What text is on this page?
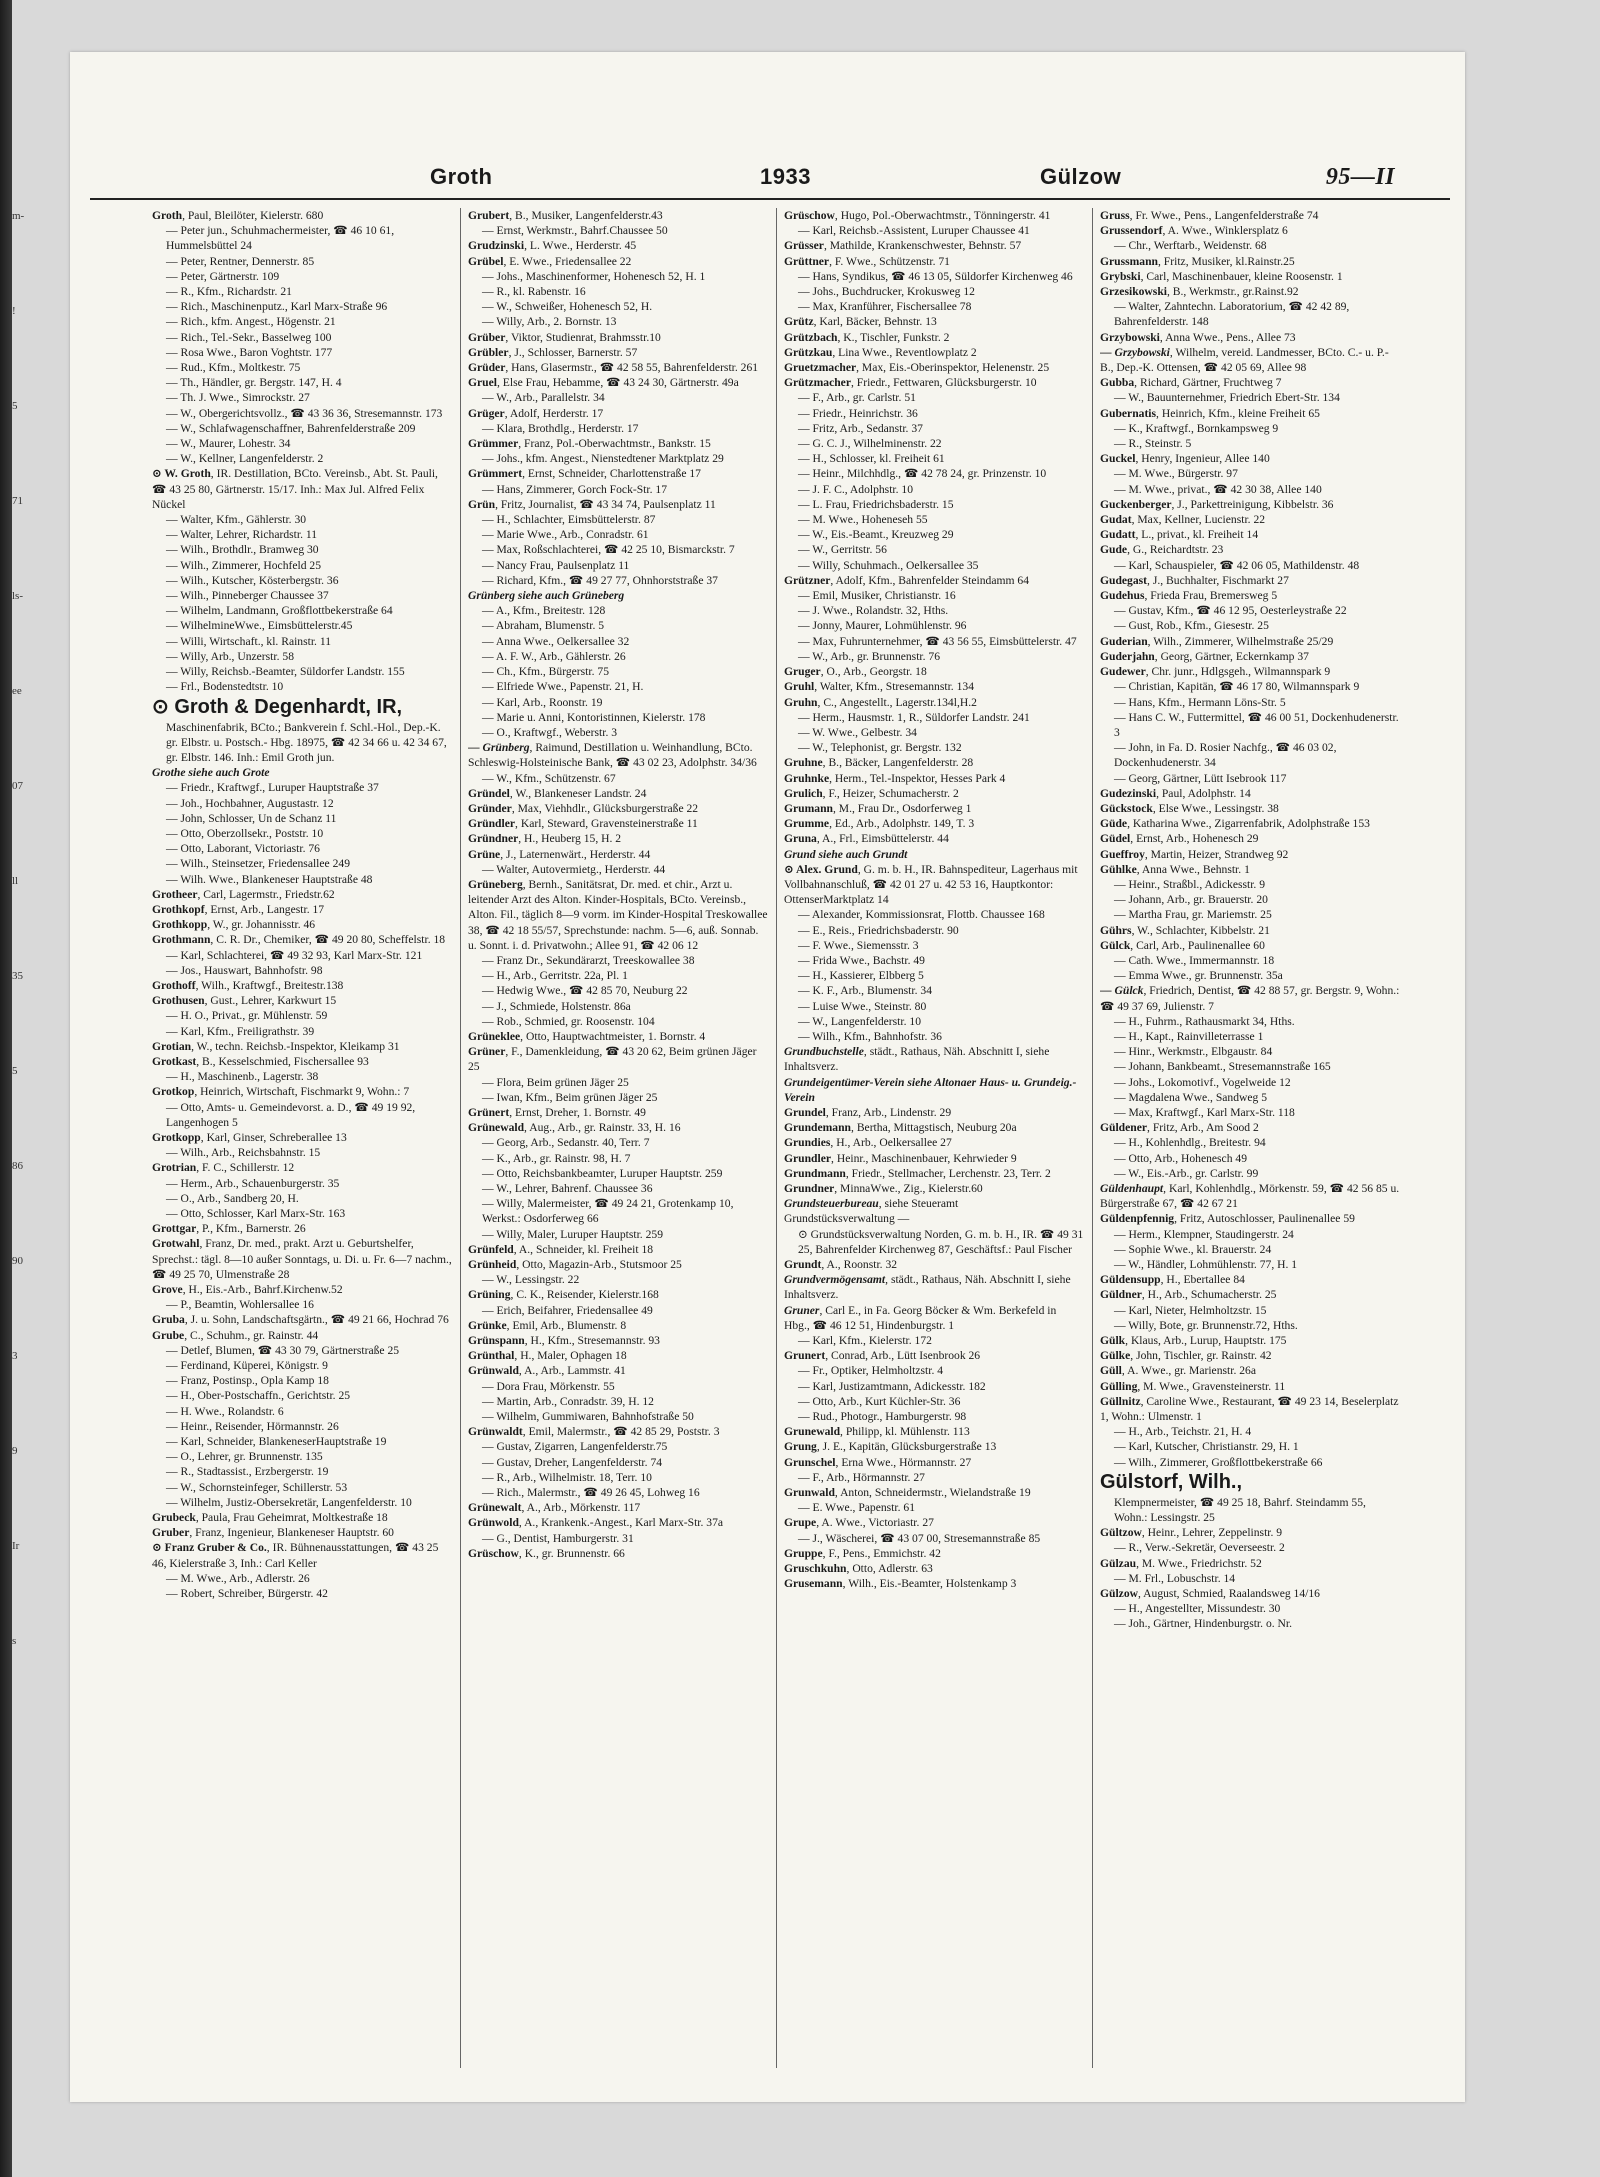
m-
!
5
71
ls-
ee
07
ll
35
5
86
90
3
9
Ir
s
Groth	1933	Gülzow	95—II
Groth, Paul, Bleilöter, Kielerstr. 680
— Peter jun., Schuhmachermeister, ☎ 46 10 61, Hummelsbüttel 24
— Peter, Rentner, Dennerstr. 85
— Peter, Gärtnerstr. 109
— R., Kfm., Richardstr. 21
— Rich., Maschinenputz., Karl Marx-Straße 96
— Rich., kfm. Angest., Högenstr. 21
— Rich., Tel.-Sekr., Basselweg 100
— Rosa Wwe., Baron Voghtstr. 177
— Rud., Kfm., Moltkestr. 75
— Th., Händler, gr. Bergstr. 147, H. 4
— Th. J. Wwe., Simrockstr. 27
— W., Obergerichtsvollz., ☎ 43 36 36, Stresemannstr. 173
— W., Schlafwagenschaffner, Bahrenfelderstraße 209
— W., Maurer, Lohestr. 34
— W., Kellner, Langenfelderstr. 2
⊙ W. Groth, IR. Destillation, BCto. Vereinsb., Abt. St. Pauli, ☎ 43 25 80, Gärtnerstr. 15/17. Inh.: Max Jul. Alfred Felix Nückel
— Walter, Kfm., Gählerstr. 30
— Walter, Lehrer, Richardstr. 11
— Wilh., Brothdlr., Bramweg 30
— Wilh., Zimmerer, Hochfeld 25
— Wilh., Kutscher, Kösterbergstr. 36
— Wilh., Pinneberger Chaussee 37
— Wilhelm, Landmann, Großflottbekerstraße 64
— WilhelmineWwe., Eimsbüttelerstr.45
— Willi, Wirtschaft., kl. Rainstr. 11
— Willy, Arb., Unzerstr. 58
— Willy, Reichsb.-Beamter, Süldorfer Landstr. 155
— Frl., Bodenstedtstr. 10
⊙ Groth & Degenhardt, IR,
Maschinenfabrik, BCto.; Bankverein f. Schl.-Hol., Dep.-K. gr. Elbstr. u. Postsch.- Hbg. 18975, ☎ 42 34 66 u. 42 34 67, gr. Elbstr. 146. Inh.: Emil Groth jun.
Grothe siehe auch Grote
— Friedr., Kraftwgf., Luruper Hauptstraße 37
— Joh., Hochbahner, Augustastr. 12
— John, Schlosser, Un de Schanz 11
— Otto, Oberzollsekr., Poststr. 10
— Otto, Laborant, Victoriastr. 76
— Wilh., Steinsetzer, Friedensallee 249
— Wilh. Wwe., Blankeneser Hauptstraße 48
Grotheer, Carl, Lagermstr., Friedstr.62
Grothkopf, Ernst, Arb., Langestr. 17
Grothkopp, W., gr. Johannisstr. 46
Grothmann, C. R. Dr., Chemiker, ☎ 49 20 80, Scheffelstr. 18
— Karl, Schlachterei, ☎ 49 32 93, Karl Marx-Str. 121
— Jos., Hauswart, Bahnhofstr. 98
Grothoff, Wilh., Kraftwgf., Breitestr.138
Grothusen, Gust., Lehrer, Karkwurt 15
— H. O., Privat., gr. Mühlenstr. 59
— Karl, Kfm., Freiligrathstr. 39
Grotian, W., techn. Reichsb.-Inspektor, Kleikamp 31
Grotkast, B., Kesselschmied, Fischersallee 93
— H., Maschinenb., Lagerstr. 38
Grotkop, Heinrich, Wirtschaft, Fischmarkt 9, Wohn.: 7
— Otto, Amts- u. Gemeindevorst. a. D., ☎ 49 19 92, Langenhogen 5
Grotkopp, Karl, Ginser, Schreberallee 13
— Wilh., Arb., Reichsbahnstr. 15
Grotrian, F. C., Schillerstr. 12
— Herm., Arb., Schauenburgerstr. 35
— O., Arb., Sandberg 20, H.
— Otto, Schlosser, Karl Marx-Str. 163
Grottgar, P., Kfm., Barnerstr. 26
Grotwahl, Franz, Dr. med., prakt. Arzt u. Geburtshelfer, Sprechst.: tägl. 8—10 außer Sonntags, u. Di. u. Fr. 6—7 nachm., ☎ 49 25 70, Ulmenstraße 28
Grove, H., Eis.-Arb., Bahrf.Kirchenw.52
— P., Beamtin, Wohlersallee 16
Gruba, J. u. Sohn, Landschaftsgärtn., ☎ 49 21 66, Hochrad 76
Grube, C., Schuhm., gr. Rainstr. 44
— Detlef, Blumen, ☎ 43 30 79, Gärtnerstraße 25
— Ferdinand, Küperei, Königstr. 9
— Franz, Postinsp., Opla Kamp 18
— H., Ober-Postschaffn., Gerichtstr. 25
— H. Wwe., Rolandstr. 6
— Heinr., Reisender, Hörmannstr. 26
— Karl, Schneider, BlankeneserHauptstraße 19
— O., Lehrer, gr. Brunnenstr. 135
— R., Stadtassist., Erzbergerstr. 19
— W., Schornsteinfeger, Schillerstr. 53
— Wilhelm, Justiz-Obersekretär, Langenfelderstr. 10
Grubeck, Paula, Frau Geheimrat, Moltkestraße 18
Gruber, Franz, Ingenieur, Blankeneser Hauptstr. 60
⊙ Franz Gruber & Co., IR. Bühnenausstattungen, ☎ 43 25 46, Kielerstraße 3, Inh.: Carl Keller
— M. Wwe., Arb., Adlerstr. 26
— Robert, Schreiber, Bürgerstr. 42
Grubert, B., Musiker, Langenfelderstr.43
— Ernst, Werkmstr., Bahrf.Chaussee 50
Grudzinski, L. Wwe., Herderstr. 45
Grübel, E. Wwe., Friedensallee 22
— Johs., Maschinenformer, Hohenesch 52, H. 1
— R., kl. Rabenstr. 16
— W., Schweißer, Hohenesch 52, H.
— Willy, Arb., 2. Bornstr. 13
Grüber, Viktor, Studienrat, Brahmsstr.10
Grübler, J., Schlosser, Barnerstr. 57
Grüder, Hans, Glasermstr., ☎ 42 58 55, Bahrenfelderstr. 261
Gruel, Else Frau, Hebamme, ☎ 43 24 30, Gärtnerstr. 49a
— W., Arb., Parallelstr. 34
Grüger, Adolf, Herderstr. 17
— Klara, Brothdlg., Herderstr. 17
Grümmer, Franz, Pol.-Oberwachtmstr., Bankstr. 15
— Johs., kfm. Angest., Nienstedtener Marktplatz 29
Grümmert, Ernst, Schneider, Charlottenstraße 17
— Hans, Zimmerer, Gorch Fock-Str. 17
Grün, Fritz, Journalist, ☎ 43 34 74, Paulsenplatz 11
— H., Schlachter, Eimsbüttelerstr. 87
— Marie Wwe., Arb., Conradstr. 61
— Max, Roßschlachterei, ☎ 42 25 10, Bismarckstr. 7
— Nancy Frau, Paulsenplatz 11
— Richard, Kfm., ☎ 49 27 77, Ohnhorststraße 37
Grünberg siehe auch Grüneberg
— A., Kfm., Breitestr. 128
— Abraham, Blumenstr. 5
— Anna Wwe., Oelkersallee 32
— A. F. W., Arb., Gählerstr. 26
— Ch., Kfm., Bürgerstr. 75
— Elfriede Wwe., Papenstr. 21, H.
— Karl, Arb., Roonstr. 19
— Marie u. Anni, Kontoristinnen, Kielerstr. 178
— O., Kraftwgf., Weberstr. 3
— Grünberg, Raimund, Destillation u. Weinhandlung, BCto. Schleswig-Holsteinische Bank, ☎ 43 02 23, Adolphstr. 34/36
— W., Kfm., Schützenstr. 67
Gründel, W., Blankeneser Landstr. 24
Gründer, Max, Viehhdlr., Glücksburgerstraße 22
Gründler, Karl, Steward, Gravensteinerstraße 11
Gründner, H., Heuberg 15, H. 2
Grüne, J., Laternenwärt., Herderstr. 44
— Walter, Autovermietg., Herderstr. 44
Grüneberg, Bernh., Sanitätsrat, Dr. med. et chir., Arzt u. leitender Arzt des Alton. Kinder-Hospitals, BCto. Vereinsb., Alton. Fil., täglich 8—9 vorm. im Kinder-Hospital Treskowallee 38, ☎ 42 18 55/57, Sprechstunde: nachm. 5—6, auß. Sonnab. u. Sonnt. i. d. Privatwohn.; Allee 91, ☎ 42 06 12
— Franz Dr., Sekundärarzt, Treeskowallee 38
— H., Arb., Gerritstr. 22a, Pl. 1
— Hedwig Wwe., ☎ 42 85 70, Neuburg 22
— J., Schmiede, Holstenstr. 86a
— Rob., Schmied, gr. Roosenstr. 104
Grüneklee, Otto, Hauptwachtmeister, 1. Bornstr. 4
Grüner, F., Damenkleidung, ☎ 43 20 62, Beim grünen Jäger 25
— Flora, Beim grünen Jäger 25
— Iwan, Kfm., Beim grünen Jäger 25
Grünert, Ernst, Dreher, 1. Bornstr. 49
Grünewald, Aug., Arb., gr. Rainstr. 33, H. 16
— Georg, Arb., Sedanstr. 40, Terr. 7
— K., Arb., gr. Rainstr. 98, H. 7
— Otto, Reichsbankbeamter, Luruper Hauptstr. 259
— W., Lehrer, Bahrenf. Chaussee 36
— Willy, Malermeister, ☎ 49 24 21, Grotenkamp 10, Werkst.: Osdorferweg 66
— Willy, Maler, Luruper Hauptstr. 259
Grünfeld, A., Schneider, kl. Freiheit 18
Grünheid, Otto, Magazin-Arb., Stutsmoor 25
— W., Lessingstr. 22
Grüning, C. K., Reisender, Kielerstr.168
— Erich, Beifahrer, Friedensallee 49
Grünke, Emil, Arb., Blumenstr. 8
Grünspann, H., Kfm., Stresemannstr. 93
Grünthal, H., Maler, Ophagen 18
Grünwald, A., Arb., Lammstr. 41
— Dora Frau, Mörkenstr. 55
— Martin, Arb., Conradstr. 39, H. 12
— Wilhelm, Gummiwaren, Bahnhofstraße 50
Grünwaldt, Emil, Malermstr., ☎ 42 85 29, Poststr. 3
— Gustav, Zigarren, Langenfelderstr.75
— Gustav, Dreher, Langenfelderstr. 74
— R., Arb., Wilhelmistr. 18, Terr. 10
— Rich., Malermstr., ☎ 49 26 45, Lohweg 16
Grünewalt, A., Arb., Mörkenstr. 117
Grünwold, A., Krankenk.-Angest., Karl Marx-Str. 37a
— G., Dentist, Hamburgerstr. 31
Grüschow, K., gr. Brunnenstr. 66
Grüschow, Hugo, Pol.-Oberwachtmstr., Tönningerstr. 41
— Karl, Reichsb.-Assistent, Luruper Chaussee 41
Grüsser, Mathilde, Krankenschwester, Behnstr. 57
Grüttner, F. Wwe., Schützenstr. 71
— Hans, Syndikus, ☎ 46 13 05, Süldorfer Kirchenweg 46
— Johs., Buchdrucker, Krokusweg 12
— Max, Kranführer, Fischersallee 78
Grütz, Karl, Bäcker, Behnstr. 13
Grützbach, K., Tischler, Funkstr. 2
Grützkau, Lina Wwe., Reventlowplatz 2
Gruetzmacher, Max, Eis.-Oberinspektor, Helenenstr. 25
Grützmacher, Friedr., Fettwaren, Glücksburgerstr. 10
— F., Arb., gr. Carlstr. 51
— Friedr., Heinrichstr. 36
— Fritz, Arb., Sedanstr. 37
— G. C. J., Wilhelminenstr. 22
— H., Schlosser, kl. Freiheit 61
— Heinr., Milchhdlg., ☎ 42 78 24, gr. Prinzenstr. 10
— J. F. C., Adolphstr. 10
— L. Frau, Friedrichsbaderstr. 15
— M. Wwe., Hoheneseh 55
— W., Eis.-Beamt., Kreuzweg 29
— W., Gerritstr. 56
— Willy, Schuhmach., Oelkersallee 35
Grützner, Adolf, Kfm., Bahrenfelder Steindamm 64
— Emil, Musiker, Christianstr. 16
— J. Wwe., Rolandstr. 32, Hths.
— Jonny, Maurer, Lohmühlenstr. 96
— Max, Fuhrunternehmer, ☎ 43 56 55, Eimsbüttelerstr. 47
— W., Arb., gr. Brunnenstr. 76
Gruger, O., Arb., Georgstr. 18
Gruhl, Walter, Kfm., Stresemannstr. 134
Gruhn, C., Angestellt., Lagerstr.134l,H.2
— Herm., Hausmstr. 1, R., Süldorfer Landstr. 241
— W. Wwe., Gelbestr. 34
— W., Telephonist, gr. Bergstr. 132
Gruhne, B., Bäcker, Langenfelderstr. 28
Gruhnke, Herm., Tel.-Inspektor, Hesses Park 4
Grulich, F., Heizer, Schumacherstr. 2
Grumann, M., Frau Dr., Osdorferweg 1
Grumme, Ed., Arb., Adolphstr. 149, T. 3
Gruna, A., Frl., Eimsbüttelerstr. 44
Grund siehe auch Grundt
⊙ Alex. Grund, G. m. b. H., IR. Bahnspediteur, Lagerhaus mit Vollbahnanschluß, ☎ 42 01 27 u. 42 53 16, Hauptkontor: OttenserMarktplatz 14
— Alexander, Kommissionsrat, Flottb. Chaussee 168
— E., Reis., Friedrichsbaderstr. 90
— F. Wwe., Siemensstr. 3
— Frida Wwe., Bachstr. 49
— H., Kassierer, Elbberg 5
— K. F., Arb., Blumenstr. 34
— Luise Wwe., Steinstr. 80
— W., Langenfelderstr. 10
— Wilh., Kfm., Bahnhofstr. 36
Grundbuchstelle, städt., Rathaus, Näh. Abschnitt I, siehe Inhaltsverz.
Grundeigentümer-Verein siehe Altonaer Haus- u. Grundeig.-Verein
Grundel, Franz, Arb., Lindenstr. 29
Grundemann, Bertha, Mittagstisch, Neuburg 20a
Grundies, H., Arb., Oelkersallee 27
Grundler, Heinr., Maschinenbauer, Kehrwieder 9
Grundmann, Friedr., Stellmacher, Lerchenstr. 23, Terr. 2
Grundner, MinnaWwe., Zig., Kielerstr.60
Grundsteuerbureau, siehe Steueramt
Grundstücksverwaltung —
⊙ Grundstücksverwaltung Norden, G. m. b. H., IR. ☎ 49 31 25, Bahrenfelder Kirchenweg 87, Geschäftsf.: Paul Fischer
Grundt, A., Roonstr. 32
Grundvermögensamt, städt., Rathaus, Näh. Abschnitt I, siehe Inhaltsverz.
Gruner, Carl E., in Fa. Georg Böcker & Wm. Berkefeld in Hbg., ☎ 46 12 51, Hindenburgstr. 1
— Karl, Kfm., Kielerstr. 172
Grunert, Conrad, Arb., Lütt Isenbrook 26
— Fr., Optiker, Helmholtzstr. 4
— Karl, Justizamtmann, Adickesstr. 182
— Otto, Arb., Kurt Küchler-Str. 36
— Rud., Photogr., Hamburgerstr. 98
Grunewald, Philipp, kl. Mühlenstr. 113
Grung, J. E., Kapitän, Glücksburgerstraße 13
Grunschel, Erna Wwe., Hörmannstr. 27
— F., Arb., Hörmannstr. 27
Grunwald, Anton, Schneidermstr., Wielandstraße 19
— E. Wwe., Papenstr. 61
Grupe, A. Wwe., Victoriastr. 27
— J., Wäscherei, ☎ 43 07 00, Stresemannstraße 85
Gruppe, F., Pens., Emmichstr. 42
Gruschkuhn, Otto, Adlerstr. 63
Grusemann, Wilh., Eis.-Beamter, Holstenkamp 3
Gruss, Fr. Wwe., Pens., Langenfelderstraße 74
Grussendorf, A. Wwe., Winklersplatz 6
— Chr., Werftarb., Weidenstr. 68
Grussmann, Fritz, Musiker, kl.Rainstr.25
Grybski, Carl, Maschinenbauer, kleine Roosenstr. 1
Grzesikowski, B., Werkmstr., gr.Rainst.92
— Walter, Zahntechn. Laboratorium, ☎ 42 42 89, Bahrenfelderstr. 148
Grzybowski, Anna Wwe., Pens., Allee 73
— Grzybowski, Wilhelm, vereid. Landmesser, BCto. C.- u. P.-B., Dep.-K. Ottensen, ☎ 42 05 69, Allee 98
Gubba, Richard, Gärtner, Fruchtweg 7
— W., Bauunternehmer, Friedrich Ebert-Str. 134
Gubernatis, Heinrich, Kfm., kleine Freiheit 65
— K., Kraftwgf., Bornkampsweg 9
— R., Steinstr. 5
Guckel, Henry, Ingenieur, Allee 140
— M. Wwe., Bürgerstr. 97
— M. Wwe., privat., ☎ 42 30 38, Allee 140
Guckenberger, J., Parkettreinigung, Kibbelstr. 36
Gudat, Max, Kellner, Lucienstr. 22
Gudatt, L., privat., kl. Freiheit 14
Gude, G., Reichardtstr. 23
— Karl, Schauspieler, ☎ 42 06 05, Mathildenstr. 48
Gudegast, J., Buchhalter, Fischmarkt 27
Gudehus, Frieda Frau, Bremersweg 5
— Gustav, Kfm., ☎ 46 12 95, Oesterleystraße 22
— Gust, Rob., Kfm., Giesestr. 25
Guderian, Wilh., Zimmerer, Wilhelmstraße 25/29
Guderjahn, Georg, Gärtner, Eckernkamp 37
Gudewer, Chr. junr., Hdlgsgeh., Wilmannspark 9
— Christian, Kapitän, ☎ 46 17 80, Wilmannspark 9
— Hans, Kfm., Hermann Löns-Str. 5
— Hans C. W., Futtermittel, ☎ 46 00 51, Dockenhudenerstr. 3
— John, in Fa. D. Rosier Nachfg., ☎ 46 03 02, Dockenhudenerstr. 34
— Georg, Gärtner, Lütt Isebrook 117
Gudezinski, Paul, Adolphstr. 14
Gückstock, Else Wwe., Lessingstr. 38
Güde, Katharina Wwe., Zigarrenfabrik, Adolphstraße 153
Güdel, Ernst, Arb., Hohenesch 29
Gueffroy, Martin, Heizer, Strandweg 92
Gühlke, Anna Wwe., Behnstr. 1
— Heinr., Straßbl., Adickesstr. 9
— Johann, Arb., gr. Brauerstr. 20
— Martha Frau, gr. Mariemstr. 25
Gührs, W., Schlachter, Kibbelstr. 21
Gülck, Carl, Arb., Paulinenallee 60
— Cath. Wwe., Immermannstr. 18
— Emma Wwe., gr. Brunnenstr. 35a
— Gülck, Friedrich, Dentist, ☎ 42 88 57, gr. Bergstr. 9, Wohn.: ☎ 49 37 69, Julienstr. 7
— H., Fuhrm., Rathausmarkt 34, Hths.
— H., Kapt., Rainvilleterrasse 1
— Hinr., Werkmstr., Elbgaustr. 84
— Johann, Bankbeamt., Stresemannstraße 165
— Johs., Lokomotivf., Vogelweide 12
— Magdalena Wwe., Sandweg 5
— Max, Kraftwgf., Karl Marx-Str. 118
Güldener, Fritz, Arb., Am Sood 2
— H., Kohlenhdlg., Breitestr. 94
— Otto, Arb., Hohenesch 49
— W., Eis.-Arb., gr. Carlstr. 99
Güldenhaupt, Karl, Kohlenhdlg., Mörkenstr. 59, ☎ 42 56 85 u. Bürgerstraße 67, ☎ 42 67 21
Güldenpfennig, Fritz, Autoschlosser, Paulinenallee 59
— Herm., Klempner, Staudingerstr. 24
— Sophie Wwe., kl. Brauerstr. 24
— W., Händler, Lohmühlenstr. 77, H. 1
Güldensupp, H., Ebertallee 84
Güldner, H., Arb., Schumacherstr. 25
— Karl, Nieter, Helmholtzstr. 15
— Willy, Bote, gr. Brunnenstr.72, Hths.
Gülk, Klaus, Arb., Lurup, Hauptstr. 175
Gülke, John, Tischler, gr. Rainstr. 42
Güll, A. Wwe., gr. Marienstr. 26a
Gülling, M. Wwe., Gravensteinerstr. 11
Güllnitz, Caroline Wwe., Restaurant, ☎ 49 23 14, Beselerplatz 1, Wohn.: Ulmenstr. 1
— H., Arb., Teichstr. 21, H. 4
— Karl, Kutscher, Christianstr. 29, H. 1
— Wilh., Zimmerer, Großflottbekerstraße 66
Gülstorf, Wilh.,
Klempnermeister, ☎ 49 25 18, Bahrf. Steindamm 55, Wohn.: Lessingstr. 25
Gültzow, Heinr., Lehrer, Zeppelinstr. 9
— R., Verw.-Sekretär, Oeverseestr. 2
Gülzau, M. Wwe., Friedrichstr. 52
— M. Frl., Lobuschstr. 14
Gülzow, August, Schmied, Raalandsweg 14/16
— H., Angestellter, Missundestr. 30
— Joh., Gärtner, Hindenburgstr. o. Nr.
